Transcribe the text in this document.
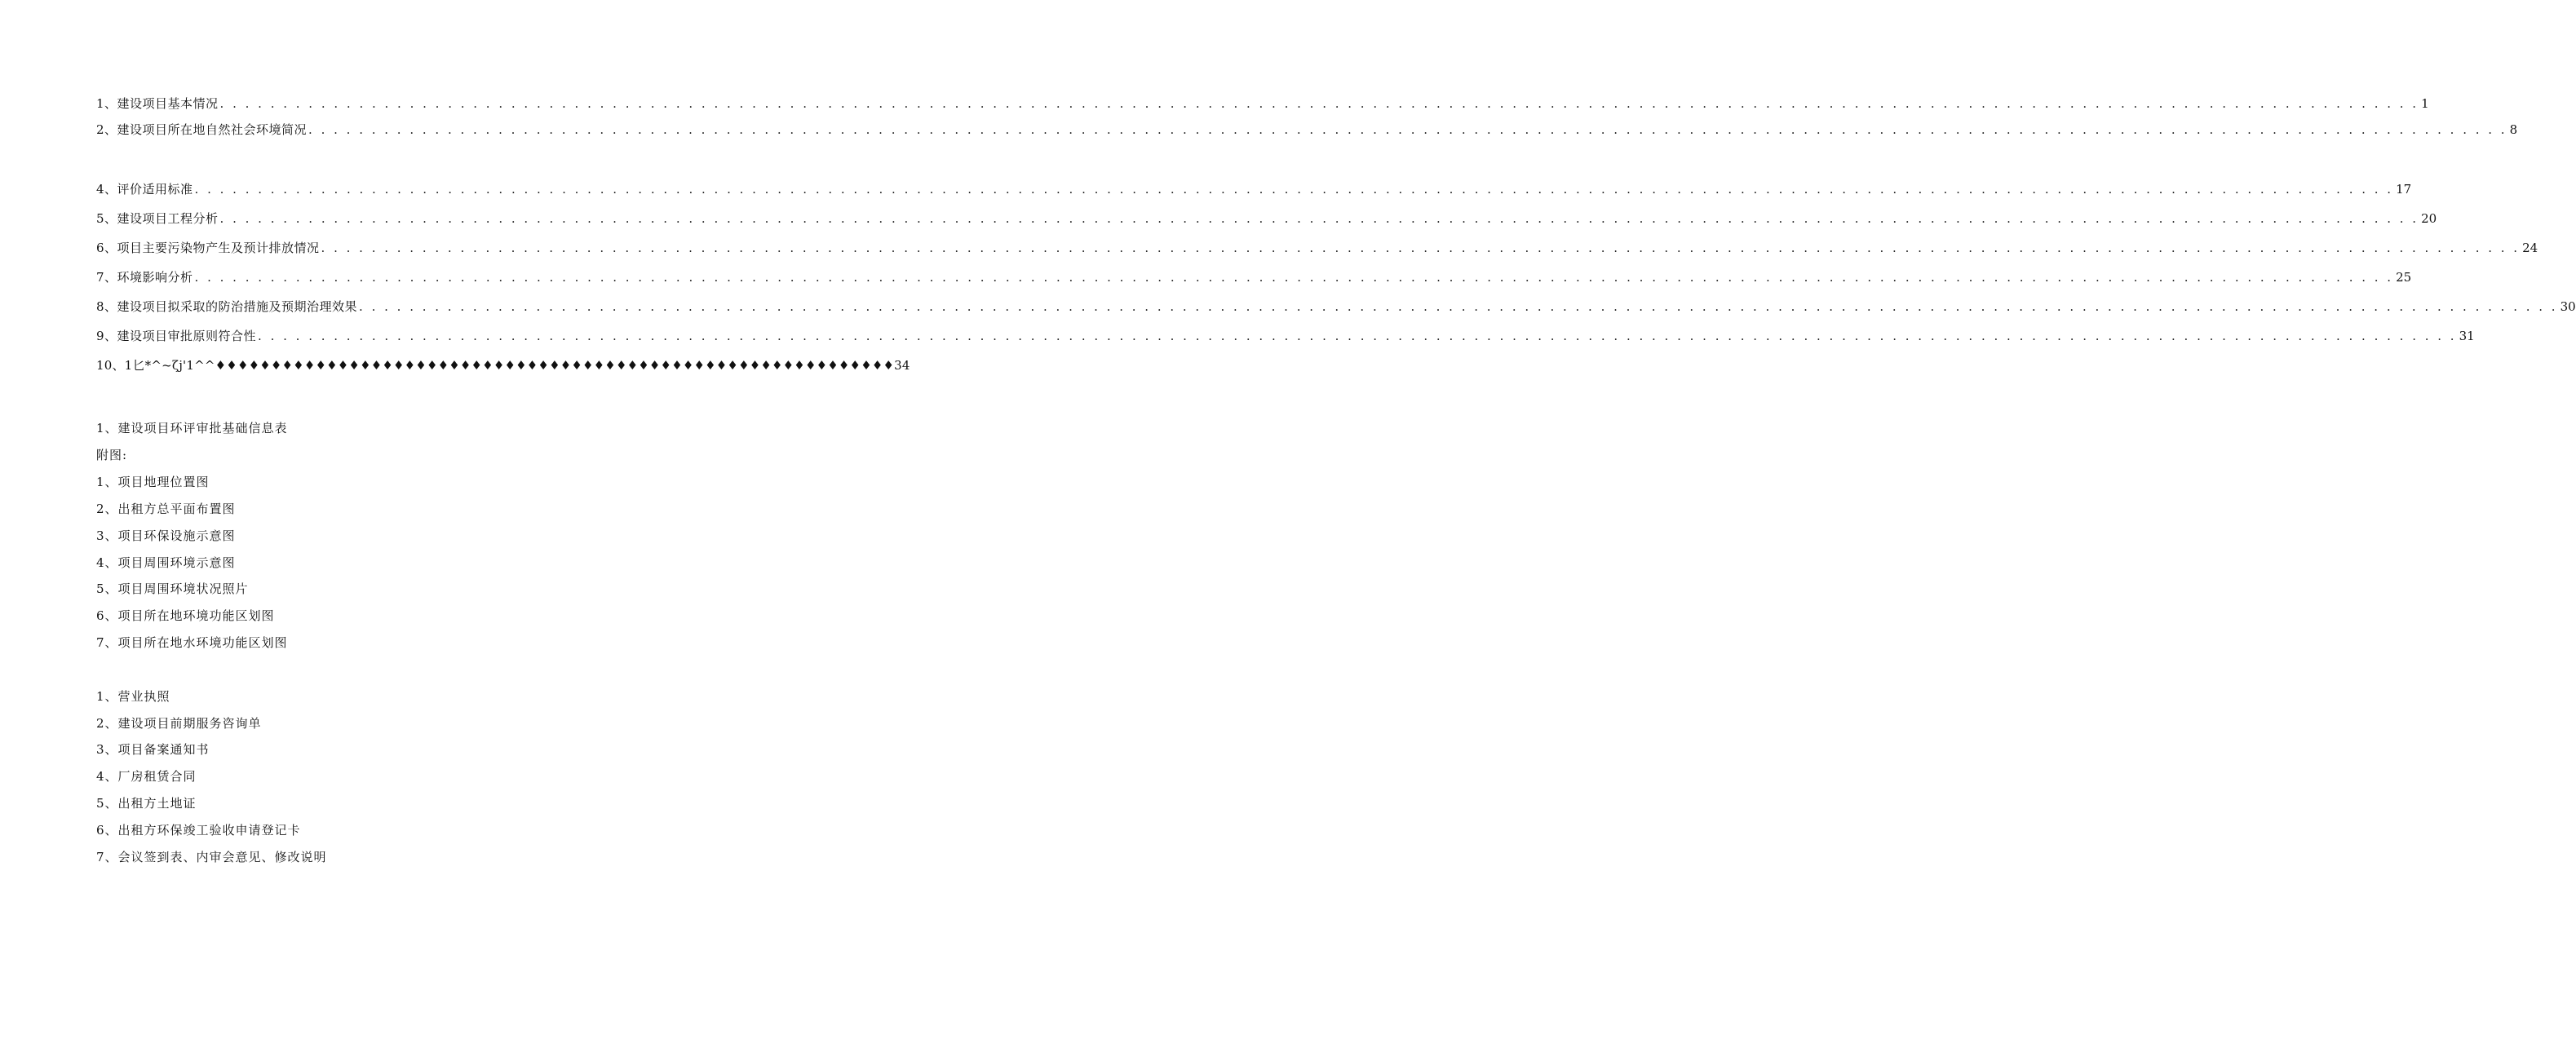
1、建设项目基本情况 . . .	1
2、建设项目所在地自然社会环境简况 . . .	8
4、评价适用标准 . . .	17
5、建设项目工程分析 . . .	20
6、项目主要污染物产生及预计排放情况 . . .	24
7、环境影响分析 . . .	25
8、建设项目拟采取的防治措施及预期治理效果 . . .	30
9、建设项目审批原则符合性 . . .	31
10、1匕*^~ζj'1^^♦♦♦♦♦♦♦♦♦♦♦♦♦♦♦♦♦♦♦♦♦♦♦♦♦♦♦♦♦♦♦♦♦♦♦♦♦♦♦♦♦♦♦♦♦♦♦♦♦♦♦♦♦♦♦♦♦♦♦♦♦34
1、建设项目环评审批基础信息表
附图:
1、项目地理位置图
2、出租方总平面布置图
3、项目环保设施示意图
4、项目周围环境示意图
5、项目周围环境状况照片
6、项目所在地环境功能区划图
7、项目所在地水环境功能区划图
1、营业执照
2、建设项目前期服务咨询单
3、项目备案通知书
4、厂房租赁合同
5、出租方土地证
6、出租方环保竣工验收申请登记卡
7、会议签到表、内审会意见、修改说明
